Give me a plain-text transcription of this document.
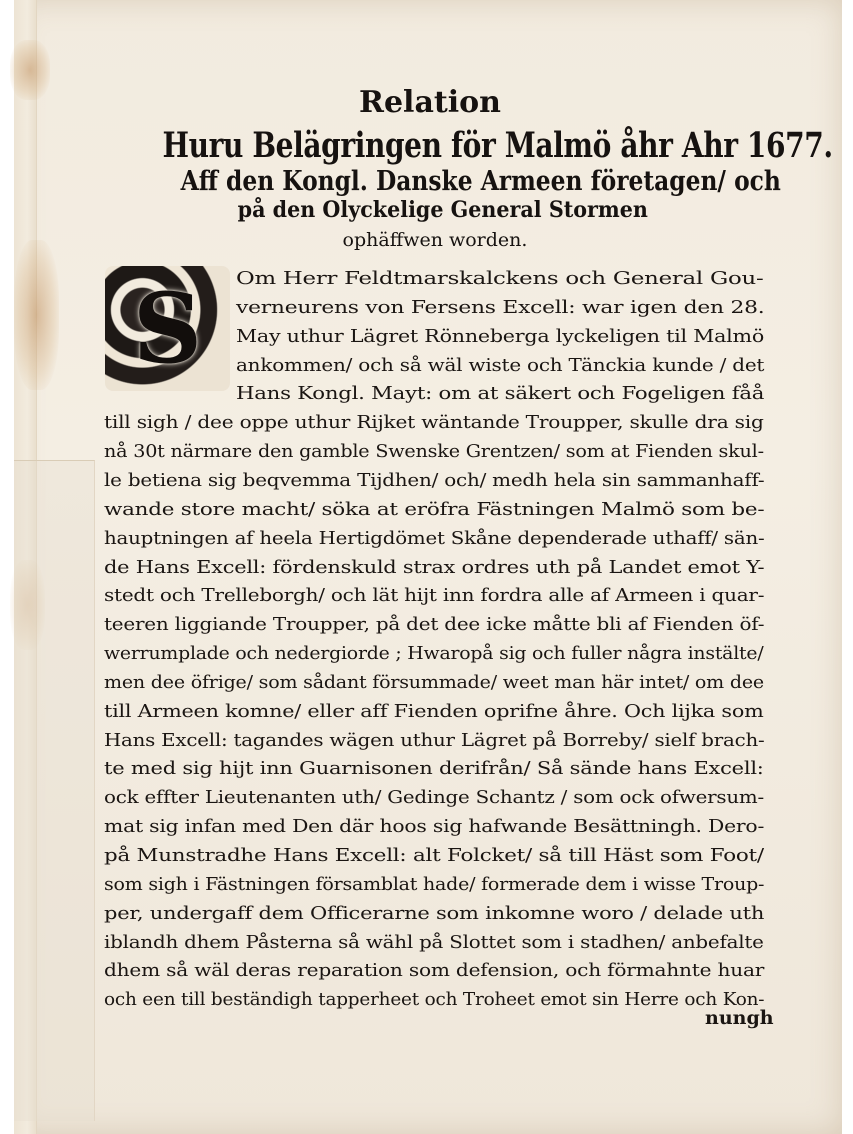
Relation
Huru Belägringen för Malmö åhr Ahr 1677.

Aff den Kongl. Danske Armeen företagen/ och

på den Olyckelige General Stormen

ophäffwen worden.

S Om Herr Feldtmarskalckens och General Gou-

verneurens von Fersens Excell: war igen den 28.

May uthur Lägret Rönneberga lyckeligen til Malmö

ankommen/ och så wäl wiste och Tänckia kunde / det

Hans Kongl. Mayt: om at säkert och Fogeligen fåå

till sigh / dee oppe uthur Rijket wäntande Troupper, skulle dra sig

nå 30t närmare den gamble Swenske Grentzen/ som at Fienden skul-

le betiena sig beqvemma Tijdhen/ och/ medh hela sin sammanhaff-

wande store macht/ söka at eröfra Fästningen Malmö som be-

hauptningen af heela Hertigdömet Skåne dependerade uthaff/ sän-

de Hans Excell: fördenskuld strax ordres uth på Landet emot Y-

stedt och Trelleborgh/ och lät hijt inn fordra alle af Armeen i quar-

teeren liggiande Troupper, på det dee icke måtte bli af Fienden öf-

werrumplade och nedergiorde ; Hwaropå sig och fuller några instälte/

men dee öfrige/ som sådant försummade/ weet man här intet/ om dee

till Armeen komne/ eller aff Fienden oprifne åhre. Och lijka som

Hans Excell: tagandes wägen uthur Lägret på Borreby/ sielf brach-

te med sig hijt inn Guarnisonen derifrån/ Så sände hans Excell:

ock effter Lieutenanten uth/ Gedinge Schantz / som ock ofwersum-

mat sig infan med Den där hoos sig hafwande Besättningh. Dero-

på Munstradhe Hans Excell: alt Folcket/ så till Häst som Foot/

som sigh i Fästningen församblat hade/ formerade dem i wisse Troup-

per, undergaff dem Officerarne som inkomne woro / delade uth

iblandh dhem Påsterna så wähl på Slottet som i stadhen/ anbefalte

dhem så wäl deras reparation som defension, och förmahnte huar

och een till beständigh tapperheet och Troheet emot sin Herre och Kon-

nungh
